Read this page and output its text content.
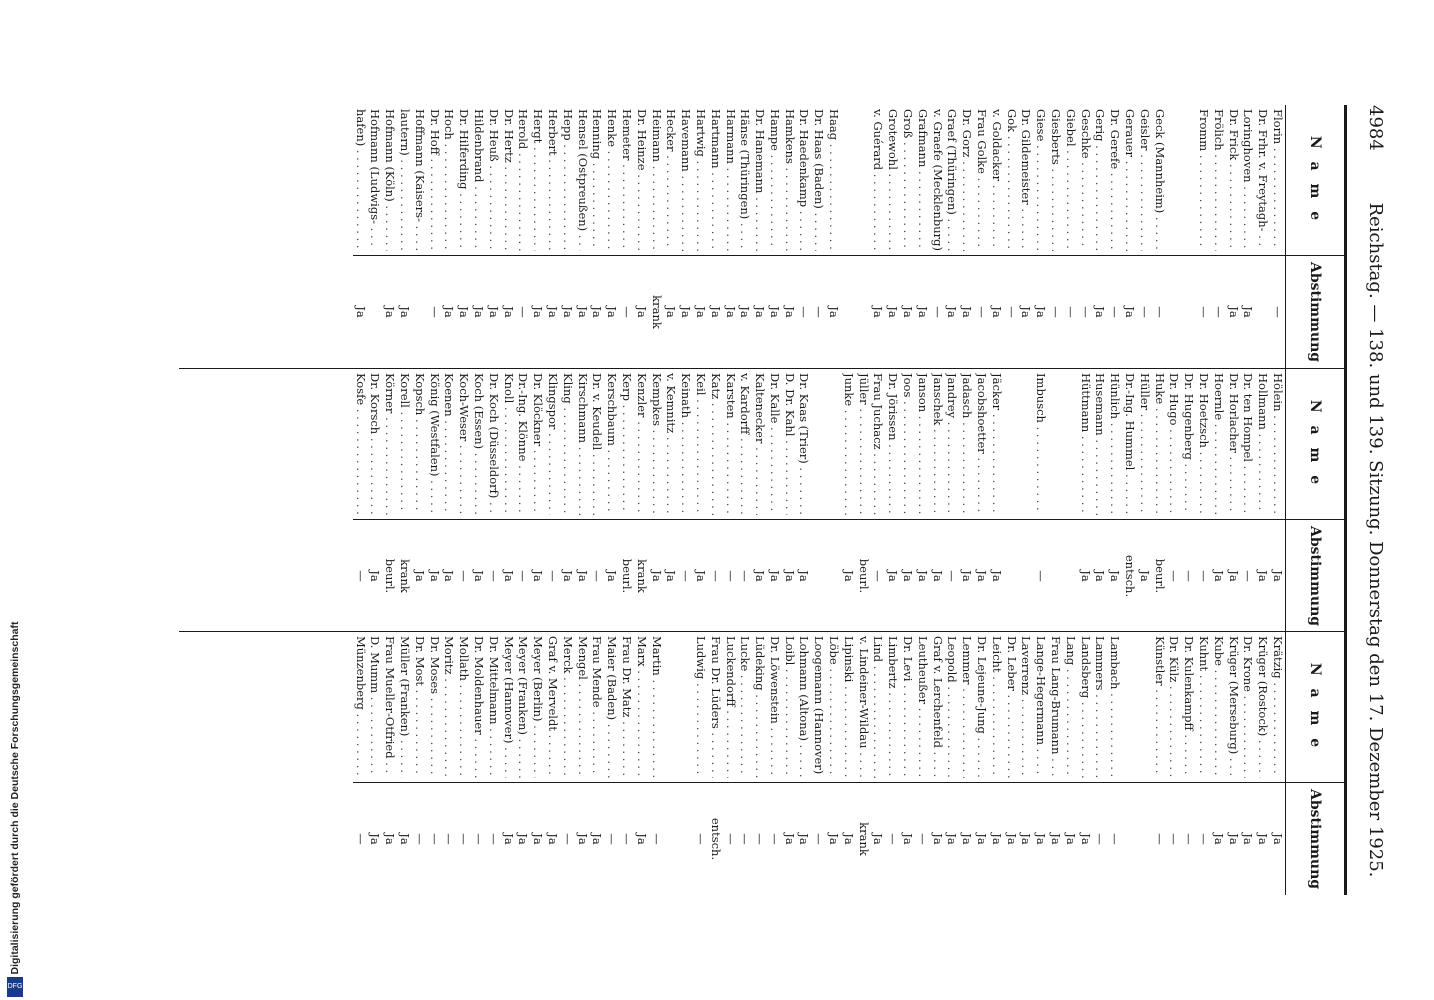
4984
Reichstag. — 138. und 139. Sitzung. Donnerstag den 17. Dezember 1925.
N a m e
Abstimmung
Florin . . .
—
Dr. Frhr. v. Freytagh- . . .
Loringhoven . . .
Ja
Dr. Frick . . .
Ja
Frölich . . .
—
Fromm . . .
—
Geck (Mannheim) . . .
—
Geisler . . .
—
Gerauer . . .
Ja
Dr. Gerefe . . .
—
Gerig . . .
Ja
Geschke . . .
—
Giebel . . .
—
Giesberts . . .
—
Giese . . .
Ja
Dr. Gildemeister . . .
Ja
Gok . . .
—
v. Goldacker . . .
Ja
Frau Golke . . .
—
Dr. Gorz . . .
Ja
Graef (Thüringen) . . .
Ja
v. Graefe (Mecklenburg) . . .
—
Grafmann . . .
Ja
Groß . . .
Ja
Grotewohl . . .
Ja
v. Guérard . . .
Ja
Haag . . .
Ja
Dr. Haas (Baden) . . .
—
Dr. Haedenkamp . . .
—
Hamkens . . .
Ja
Hampe . . .
Ja
Dr. Hanemann . . .
Ja
Hänse (Thüringen) . . .
Ja
Harmann . . .
Ja
Hartmann . . .
Ja
Hartwig . . .
Ja
Havemann . . .
Ja
Hecker . . .
Ja
Heimann . . .
krank
Dr. Heinze . . .
Ja
Hemeter . . .
—
Henke . . .
Ja
Henning . . .
Ja
Hensel (Ostpreußen) . . .
Ja
Hepp . . .
Ja
Herbert . . .
Ja
Hergt . . .
Ja
Herold . . .
—
Dr. Hertz . . .
Ja
Dr. Heuß . . .
Ja
Hildenbrand . . .
Ja
Dr. Hilferding . . .
Ja
Hoch . . .
Ja
Dr. Hoff . . .
—
Hoffmann (Kaisers- . . .
lautern) . . .
Ja
Hofmann (Köln) . . .
Ja
Hofmann (Ludwigs- . . .
hafen) . . .
Ja
N a m e
Abstimmung
Hölein . . .
Ja
Hollmann . . .
Ja
Dr. ten Hompel . . .
—
Dr. Horlacher . . .
Ja
Hoernle . . .
Ja
Dr. Hoetzsch . . .
—
Dr. Hugenberg . . .
—
Dr. Hugo . . .
—
Huke . . .
beurl.
Hüller . . .
Ja
Dr.-Ing. Hummel . . .
entsch.
Hünlich . . .
Ja
Husemann . . .
Ja
Hüttmann . . .
Ja
Imbusch . . .
—
Jäcker . . .
Ja
Jacobshoetter . . .
Ja
Jadasch . . .
Ja
Jandrey . . .
—
Janschek . . .
Ja
Janson . . .
Ja
Joos . . .
Ja
Dr. Jörissen . . .
Ja
Frau Juchacz . . .
—
Jüller . . .
beurl.
Junke . . .
Ja
Dr. Kaas (Trier) . . .
Ja
D. Dr. Kahl . . .
Ja
Dr. Kalle . . .
Ja
Kaltenecker . . .
Ja
v. Kardorff . . .
—
Karsten . . .
—
Katz . . .
—
Keil . . .
Ja
Keinath . . .
—
v. Kemnitz . . .
Ja
Kempkes . . .
Ja
Kenzler . . .
krank
Kerp . . .
beurl.
Kerschbaum . . .
Ja
Dr. v. Keudell . . .
—
Kirschmann . . .
Ja
Kling . . .
Ja
Klingspor . . .
—
Dr. Klöckner . . .
Ja
Dr.-Ing. Klönne . . .
—
Knoll . . .
Ja
Dr. Koch (Düsseldorf) . . .
—
Koch (Essen) . . .
Ja
Koch-Weser . . .
—
Koenen . . .
Ja
König (Westfalen) . . .
Ja
Kopsch . . .
Ja
Korell . . .
krank
Körner . . .
beurl.
Dr. Korsch . . .
Ja
Kosfe . . .
—
N a m e
Abstimmung
Krätzig . . .
Ja
Krüger (Rostock) . . .
Ja
Dr. Krone . . .
Ja
Krüger (Merseburg) . . .
Ja
Kube . . .
Ja
Kuhnt . . .
—
Dr. Kulenkampff . . .
—
Dr. Külz . . .
—
Künstler . . .
—
Lambach . . .
—
Lammers . . .
—
Landsberg . . .
Ja
Lang . . .
Ja
Frau Lang-Brumann . . .
Ja
Lange-Hegermann . . .
Ja
Laverrenz . . .
Ja
Dr. Leber . . .
Ja
Leicht . . .
Ja
Dr. Lejeune-Jung . . .
Ja
Lemmer . . .
Ja
Leopold . . .
Ja
Graf v. Lerchenfeld . . .
Ja
Leutheußer . . .
—
Dr. Levi . . .
Ja
Limbertz . . .
—
Lind . . .
Ja
v. Lindeiner-Wildau . . .
krank
Lipinski . . .
Ja
Löbe . . .
Ja
Loogemann (Hannover) . . .
—
Lohmann (Altona) . . .
Ja
Loibl . . .
Ja
Dr. Löwenstein . . .
—
Lüdeking . . .
—
Lucke . . .
—
Luckendorff . . .
—
Frau Dr. Lüders . . .
entsch.
Ludwig . . .
—
Martin . . .
—
Marx . . .
Ja
Frau Dr. Matz . . .
—
Maier (Baden) . . .
—
Frau Mende . . .
Ja
Mengel . . .
Ja
Merck . . .
—
Graf v. Merveldt . . .
Ja
Meyer (Berlin) . . .
Ja
Meyer (Franken) . . .
Ja
Meyer (Hannover) . . .
Ja
Dr. Mittelmann . . .
—
Dr. Moldenhauer . . .
—
Mollath . . .
—
Moritz . . .
—
Dr. Moses . . .
—
Dr. Most . . .
—
Müller (Franken) . . .
Ja
Frau Mueller-Otfried . . .
Ja
D. Mumm . . .
Ja
Münzenberg . . .
—
Digitalisierung gefördert durch die Deutsche Forschungsgemeinschaft
DFG
